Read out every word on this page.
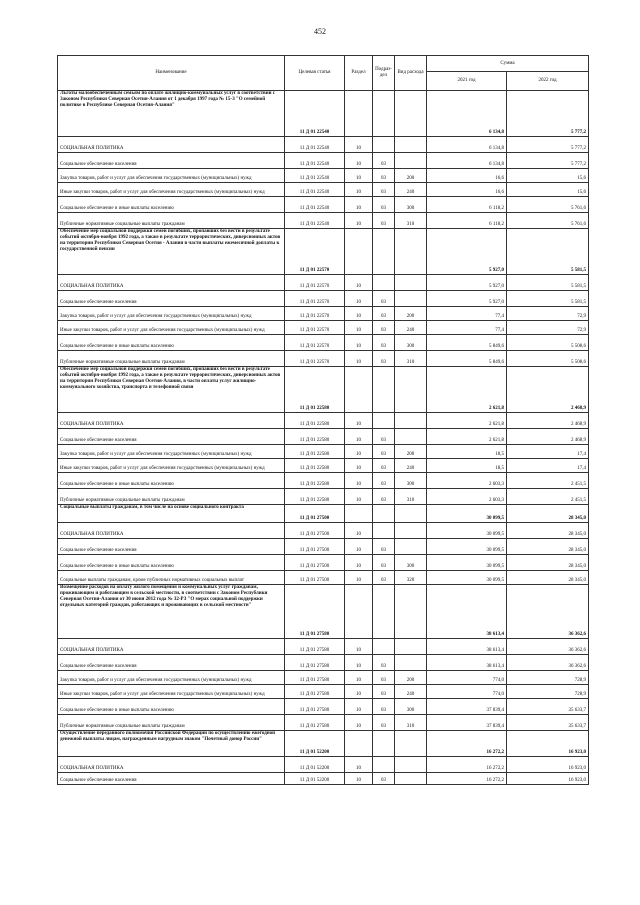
452
Наименование	Целевая статья	Раздел	Подраз-дел	Вид расхода	Сумма	
					2021 год	2022 год
Льготы малообеспеченным семьям по оплате жилищно-коммунальных услуг в соответствии с Законом Республики Северная Осетия-Алания от 1 декабря 1997 года № 15-З "О семейной политике в Республике Северная Осетия-Алания"	11 Д 01 22540				6 134,8	5 777,2
СОЦИАЛЬНАЯ ПОЛИТИКА	11 Д 01 22540	10			6 134,8	5 777,2
Социальное обеспечение населения	11 Д 01 22540	10	03		6 134,8	5 777,2
Закупка товаров, работ и услуг для обеспечения государственных (муниципальных) нужд	11 Д 01 22540	10	03	200	16,6	15,6
Иные закупки товаров, работ и услуг для обеспечения государственных (муниципальных) нужд	11 Д 01 22540	10	03	240	16,6	15,6
Социальное обеспечение и иные выплаты населению	11 Д 01 22540	10	03	300	6 118,2	5 761,6
Публичные нормативные социальные выплаты гражданам	11 Д 01 22540	10	03	310	6 118,2	5 761,6
Обеспечение мер социальной поддержки семей погибших, пропавших без вести в результате событий октября-ноября 1992 года, а также в результате террористических, диверсионных актов на территории Республики Северная Осетия - Алания в части выплаты ежемесячной доплаты к государственной пенсии	11 Д 01 22570				5 927,0	5 581,5
СОЦИАЛЬНАЯ ПОЛИТИКА	11 Д 01 22570	10			5 927,0	5 581,5
Социальное обеспечение населения	11 Д 01 22570	10	03		5 927,0	5 581,5
Закупка товаров, работ и услуг для обеспечения государственных (муниципальных) нужд	11 Д 01 22570	10	03	200	77,4	72,9
Иные закупки товаров, работ и услуг для обеспечения государственных (муниципальных) нужд	11 Д 01 22570	10	03	240	77,4	72,9
Социальное обеспечение и иные выплаты населению	11 Д 01 22570	10	03	300	5 849,6	5 508,6
Публичные нормативные социальные выплаты гражданам	11 Д 01 22570	10	03	310	5 849,6	5 508,6
Обеспечение мер социальной поддержки семей погибших, пропавших без вести в результате событий октября-ноября 1992 года, а также в результате террористических, диверсионных актов на территории Республики Северная Осетия-Алания, в части оплаты услуг жилищно-коммунального хозяйства, транспорта и телефонной связи	11 Д 01 22580				2 621,8	2 468,9
СОЦИАЛЬНАЯ ПОЛИТИКА	11 Д 01 22580	10			2 621,8	2 468,9
Социальное обеспечение населения	11 Д 01 22580	10	03		2 621,8	2 468,9
Закупка товаров, работ и услуг для обеспечения государственных (муниципальных) нужд	11 Д 01 22580	10	03	200	18,5	17,4
Иные закупки товаров, работ и услуг для обеспечения государственных (муниципальных) нужд	11 Д 01 22580	10	03	240	18,5	17,4
Социальное обеспечение и иные выплаты населению	11 Д 01 22580	10	03	300	2 603,3	2 451,5
Публичные нормативные социальные выплаты гражданам	11 Д 01 22580	10	03	310	2 603,3	2 451,5
Социальные выплаты гражданам, в том числе на основе социального контракта	11 Д 01 27500				30 099,5	28 345,0
СОЦИАЛЬНАЯ ПОЛИТИКА	11 Д 01 27500	10			30 099,5	28 345,0
Социальное обеспечение населения	11 Д 01 27500	10	03		30 099,5	28 345,0
Социальное обеспечение и иные выплаты населению	11 Д 01 27500	10	03	300	30 099,5	28 345,0
Социальные выплаты гражданам, кроме публичных нормативных социальных выплат	11 Д 01 27500	10	03	320	30 099,5	28 345,0
Возмещение расходов на оплату жилого помещения и коммунальных услуг гражданам, проживающим и работающим в сельской местности, в соответствии с Законом Республики Северная Осетия-Алания от 30 июня 2012 года № 32-РЗ "О мерах социальной поддержки отдельных категорий граждан, работающих и проживающих в сельской местности"	11 Д 01 27580				38 613,4	36 362,6
СОЦИАЛЬНАЯ ПОЛИТИКА	11 Д 01 27580	10			38 613,4	36 362,6
Социальное обеспечение населения	11 Д 01 27580	10	03		38 613,4	36 362,6
Закупка товаров, работ и услуг для обеспечения государственных (муниципальных) нужд	11 Д 01 27580	10	03	200	774,0	728,9
Иные закупки товаров, работ и услуг для обеспечения государственных (муниципальных) нужд	11 Д 01 27580	10	03	240	774,0	728,9
Социальное обеспечение и иные выплаты населению	11 Д 01 27580	10	03	300	37 839,4	35 633,7
Публичные нормативные социальные выплаты гражданам	11 Д 01 27580	10	03	310	37 839,4	35 633,7
Осуществление переданного полномочия Российской Федерации по осуществлению ежегодной денежной выплаты лицам, награжденным нагрудным знаком "Почетный донор России"	11 Д 01 52200				16 272,2	16 923,0
СОЦИАЛЬНАЯ ПОЛИТИКА	11 Д 01 52200	10			16 272,2	16 923,0
Социальное обеспечение населения	11 Д 01 52200	10	03		16 272,2	16 923,0
